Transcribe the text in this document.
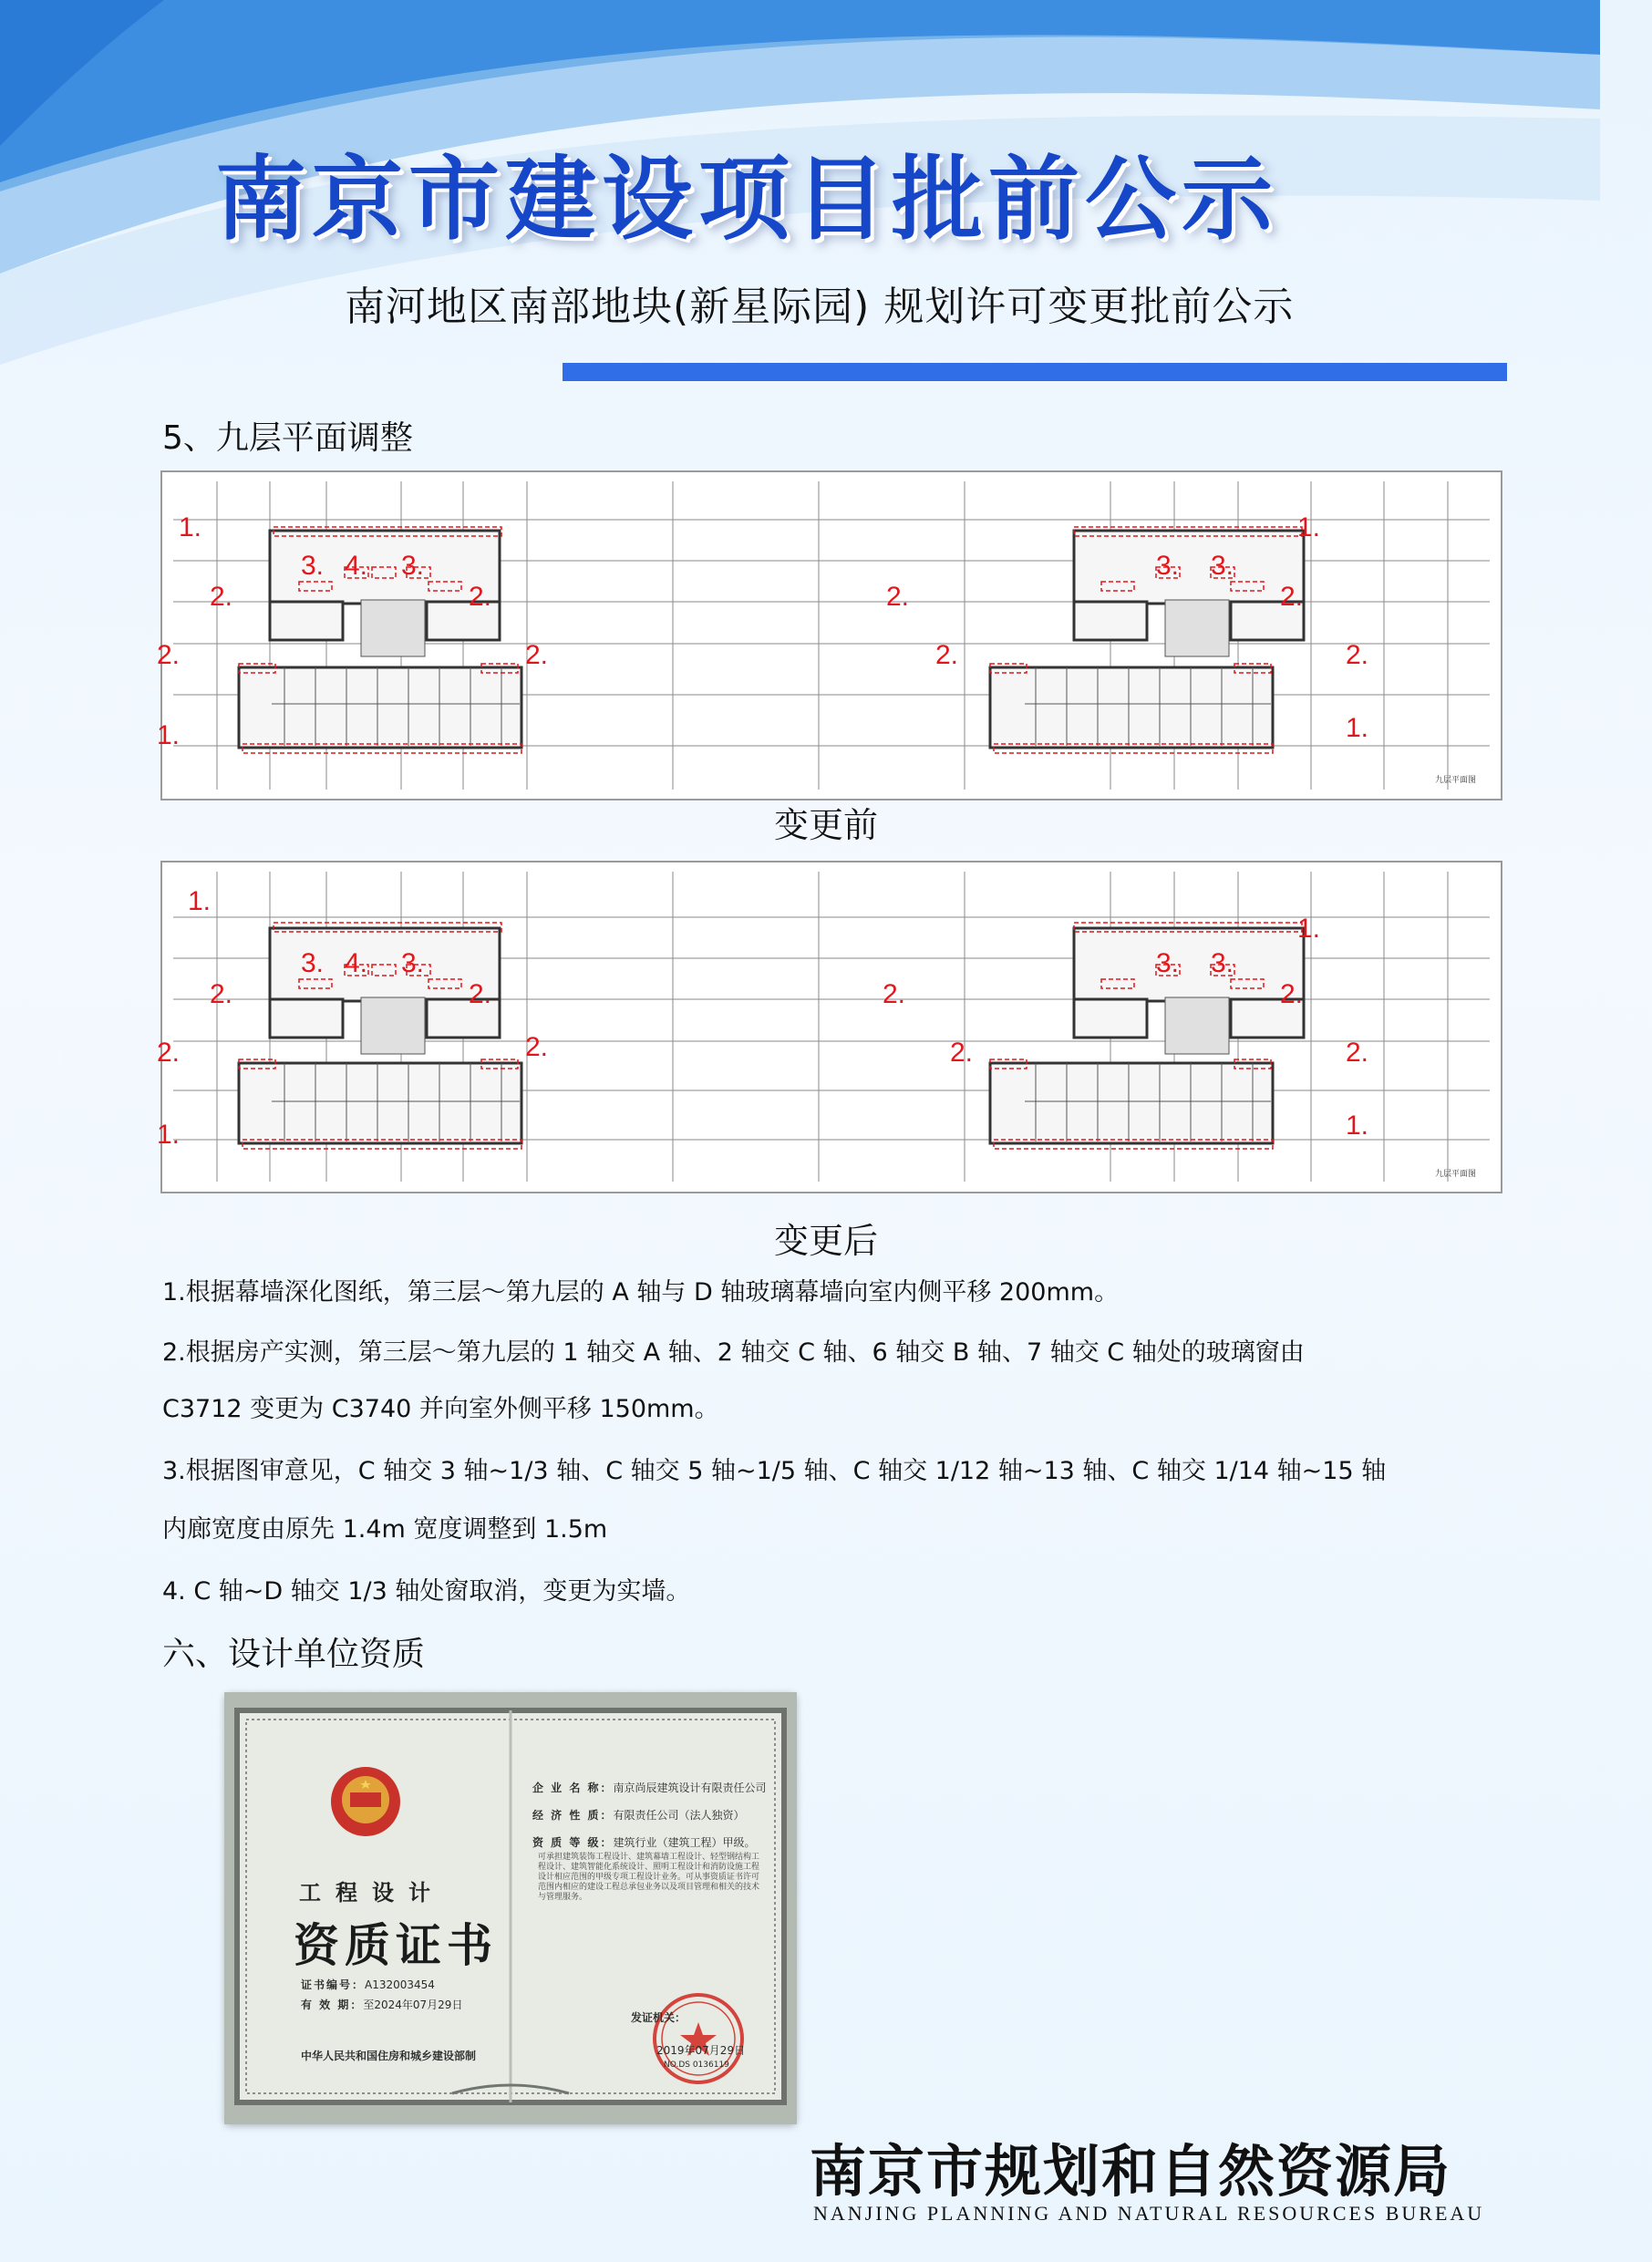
南京市建设项目批前公示
南河地区南部地块(新星际园) 规划许可变更批前公示
5、九层平面调整
1.
3. 4. 3.
1.
3. 3.
2.	2.
2.	2.
2.	2.
2.	2.
1.	1.
九层平面图
变更前
1.
3. 4. 3.
1.
3. 3.
2.	2.
2.	2.
2.	2.
2.	2.
1.	1.
九层平面图
变更后
1.根据幕墙深化图纸，第三层～第九层的 A 轴与 D 轴玻璃幕墙向室内侧平移 200mm。
2.根据房产实测，第三层～第九层的 1 轴交 A 轴、2 轴交 C 轴、6 轴交 B 轴、7 轴交 C 轴处的玻璃窗由
C3712 变更为 C3740 并向室外侧平移 150mm。
3.根据图审意见，C 轴交 3 轴~1/3 轴、C 轴交 5 轴~1/5 轴、C 轴交 1/12 轴~13 轴、C 轴交 1/14 轴~15 轴
内廊宽度由原先 1.4m 宽度调整到 1.5m
4. C 轴~D 轴交 1/3 轴处窗取消，变更为实墙。
六、设计单位资质
工程设计
资质证书
证书编号：A132003454
有 效 期：至2024年07月29日
中华人民共和国住房和城乡建设部制
企 业 名 称：南京尚辰建筑设计有限责任公司
经 济 性 质：有限责任公司（法人独资）
资 质 等 级：建筑行业（建筑工程）甲级。
可承担建筑装饰工程设计、建筑幕墙工程设计、轻型钢结构工程设计、建筑智能化系统设计、照明工程设计和消防设施工程设计相应范围的甲级专项工程设计业务。可从事资质证书许可范围内相应的建设工程总承包业务以及项目管理和相关的技术与管理服务。
发证机关：
2019年07月29日
NO.DS 0136119
南京市规划和自然资源局
NANJING PLANNING AND NATURAL RESOURCES BUREAU
